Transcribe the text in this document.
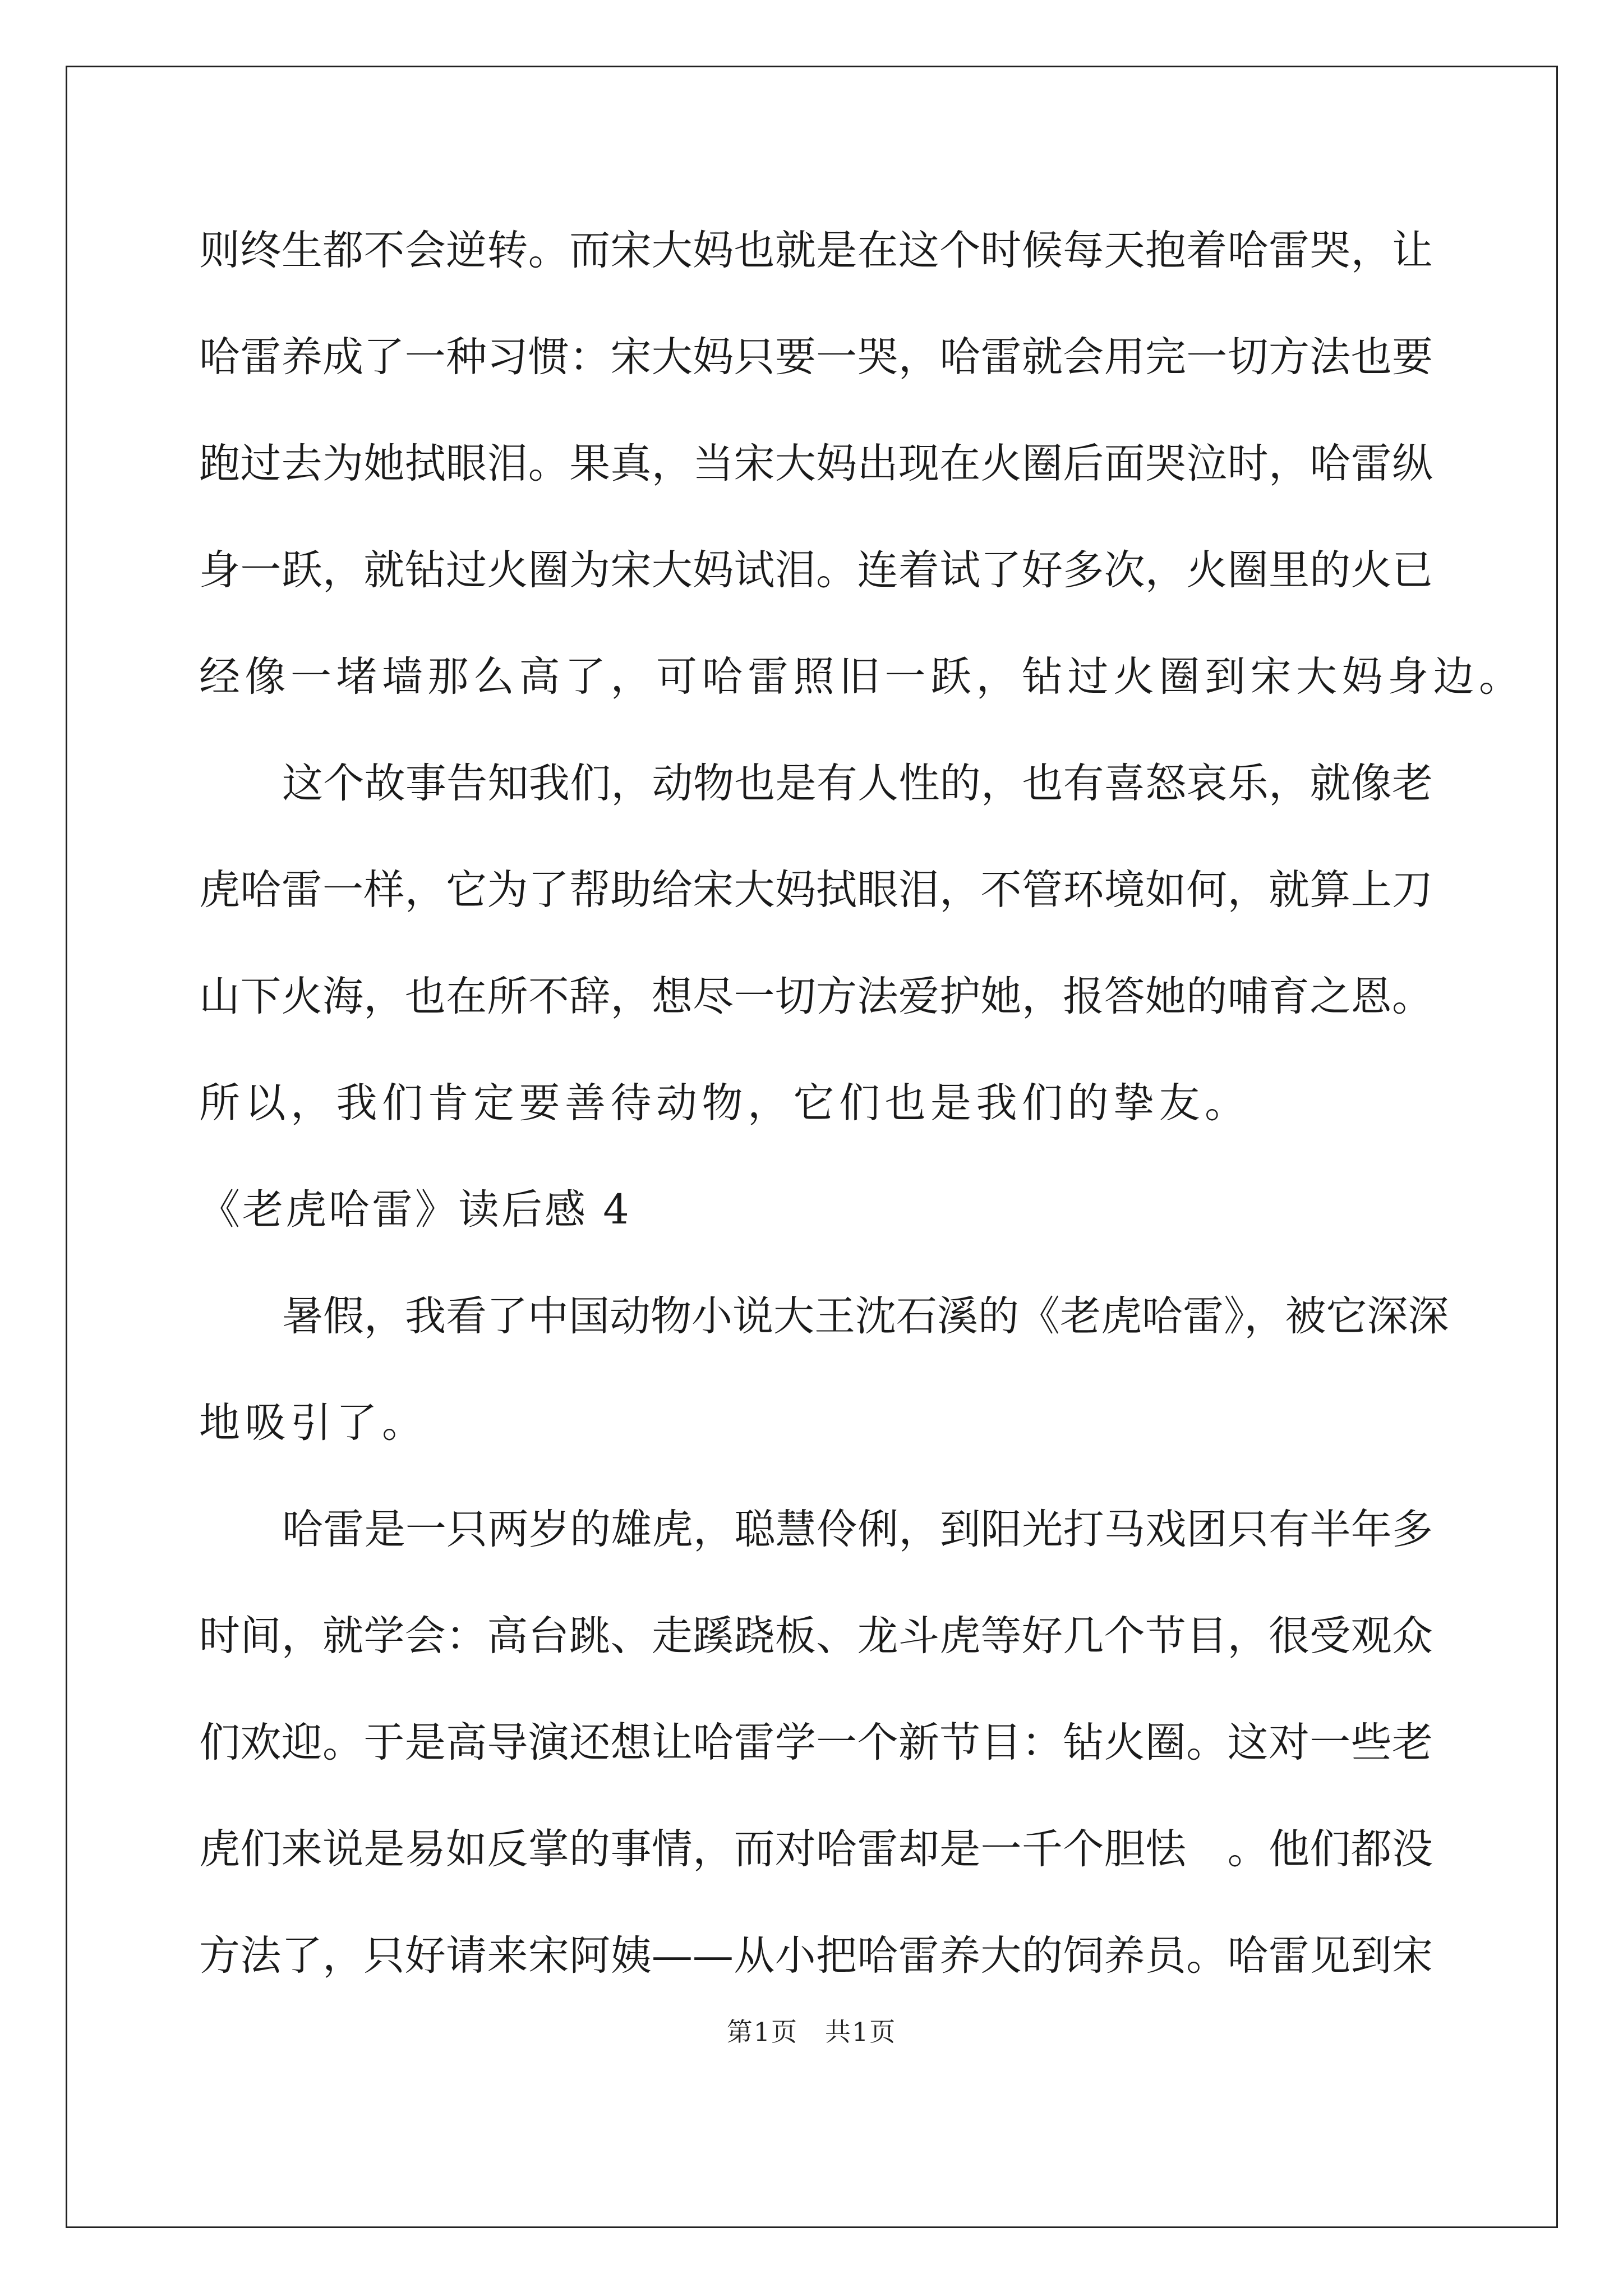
则终生都不会逆转。而宋大妈也就是在这个时候每天抱着哈雷哭，让
哈雷养成了一种习惯：宋大妈只要一哭，哈雷就会用完一切方法也要
跑过去为她拭眼泪。果真，当宋大妈出现在火圈后面哭泣时，哈雷纵
身一跃，就钻过火圈为宋大妈试泪。连着试了好多次，火圈里的火已
经像一堵墙那么高了，可哈雷照旧一跃，钻过火圈到宋大妈身边。
这个故事告知我们，动物也是有人性的，也有喜怒哀乐，就像老
虎哈雷一样，它为了帮助给宋大妈拭眼泪，不管环境如何，就算上刀
山下火海，也在所不辞，想尽一切方法爱护她，报答她的哺育之恩。
所以，我们肯定要善待动物，它们也是我们的挚友。
《老虎哈雷》读后感 4
暑假，我看了中国动物小说大王沈石溪的《老虎哈雷》，被它深深
地吸引了。
哈雷是一只两岁的雄虎，聪慧伶俐，到阳光打马戏团只有半年多
时间，就学会：高台跳、走蹊跷板、龙斗虎等好几个节目，很受观众
们欢迎。于是高导演还想让哈雷学一个新节目：钻火圈。这对一些老
虎们来说是易如反掌的事情，而对哈雷却是一千个胆怯　。他们都没
方法了，只好请来宋阿姨——从小把哈雷养大的饲养员。哈雷见到宋
第1页　共1页
